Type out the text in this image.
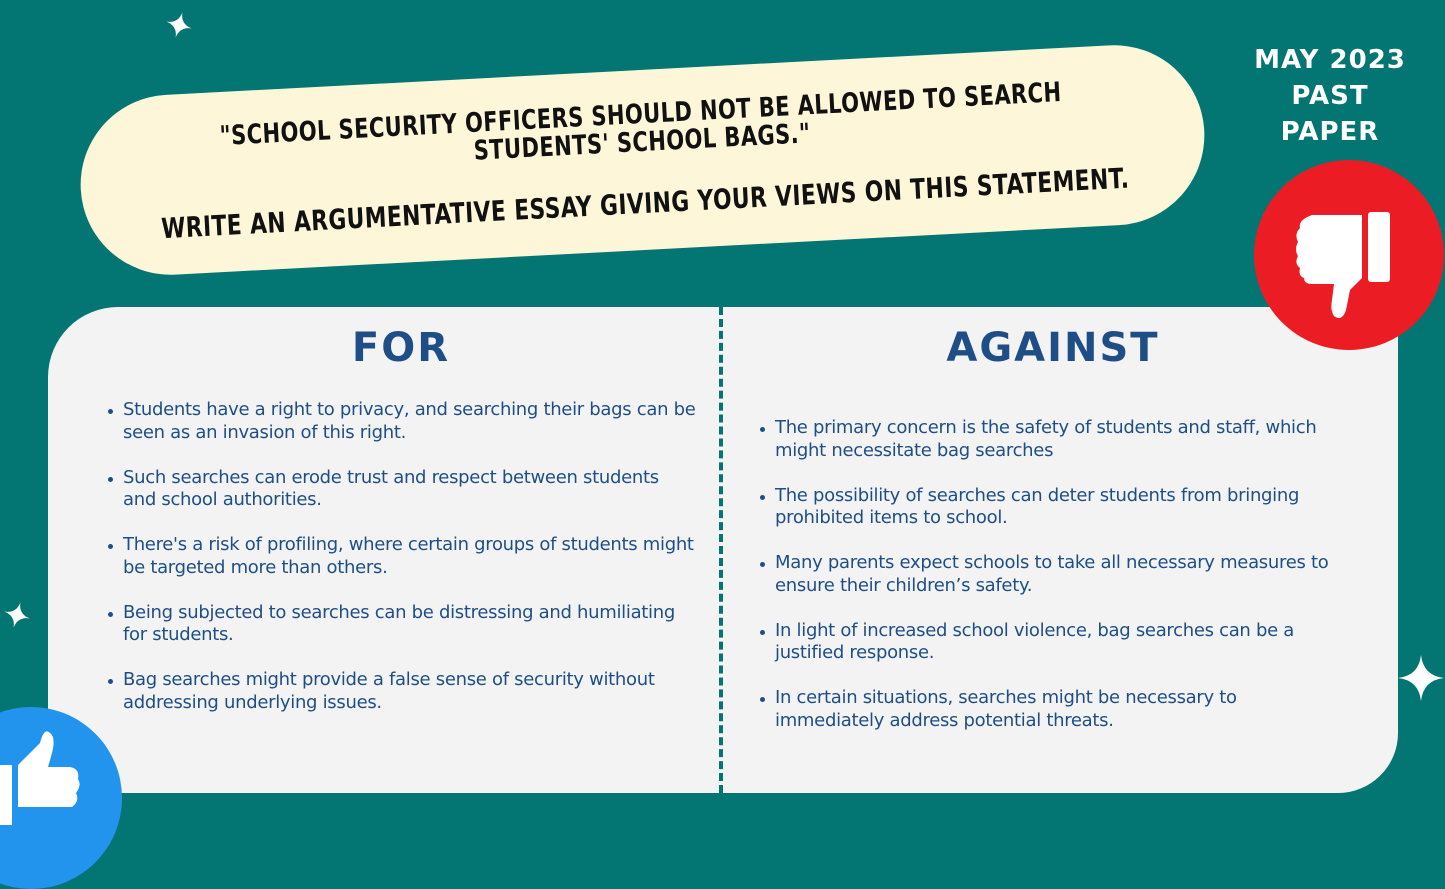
"SCHOOL SECURITY OFFICERS SHOULD NOT BE ALLOWED TO SEARCH STUDENTS' SCHOOL BAGS."
WRITE AN ARGUMENTATIVE ESSAY GIVING YOUR VIEWS ON THIS STATEMENT.
MAY 2023
PAST PAPER
FOR
Students have a right to privacy, and searching their bags can be seen as an invasion of this right.
Such searches can erode trust and respect between students and school authorities.
There's a risk of profiling, where certain groups of students might be targeted more than others.
Being subjected to searches can be distressing and humiliating for students.
Bag searches might provide a false sense of security without addressing underlying issues.
AGAINST
The primary concern is the safety of students and staff, which might necessitate bag searches
The possibility of searches can deter students from bringing prohibited items to school.
Many parents expect schools to take all necessary measures to ensure their children’s safety.
In light of increased school violence, bag searches can be a justified response.
In certain situations, searches might be necessary to immediately address potential threats.
